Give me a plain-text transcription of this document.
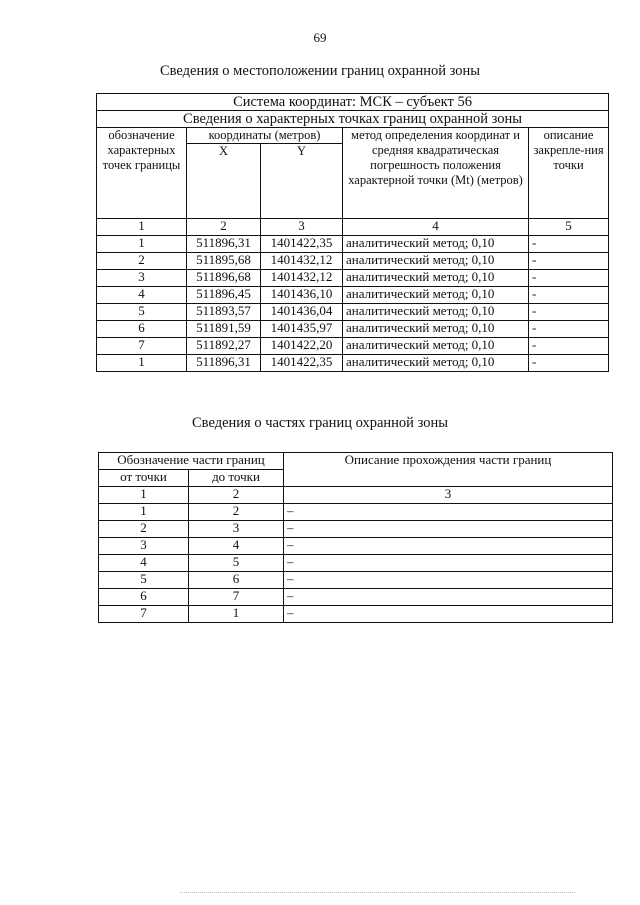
69
Сведения о местоположении границ охранной зоны
Система координат: МСК – субъект 56				
Сведения о характерных точках границ охранной зоны				
обозначение характерных точек границы	координаты (метров)		метод определения координат и средняя квадратическая погрешность положения характерной точки (Mt) (метров)	описание закрепле-ния точки
	X	Y		
1	2	3	4	5
1	511896,31	1401422,35	аналитический метод; 0,10	-
2	511895,68	1401432,12	аналитический метод; 0,10	-
3	511896,68	1401432,12	аналитический метод; 0,10	-
4	511896,45	1401436,10	аналитический метод; 0,10	-
5	511893,57	1401436,04	аналитический метод; 0,10	-
6	511891,59	1401435,97	аналитический метод; 0,10	-
7	511892,27	1401422,20	аналитический метод; 0,10	-
1	511896,31	1401422,35	аналитический метод; 0,10	-
Сведения о частях границ охранной зоны
Обозначение части границ		Описание прохождения части границ
от точки	до точки	
1	2	3
1	2	–
2	3	–
3	4	–
4	5	–
5	6	–
6	7	–
7	1	–
